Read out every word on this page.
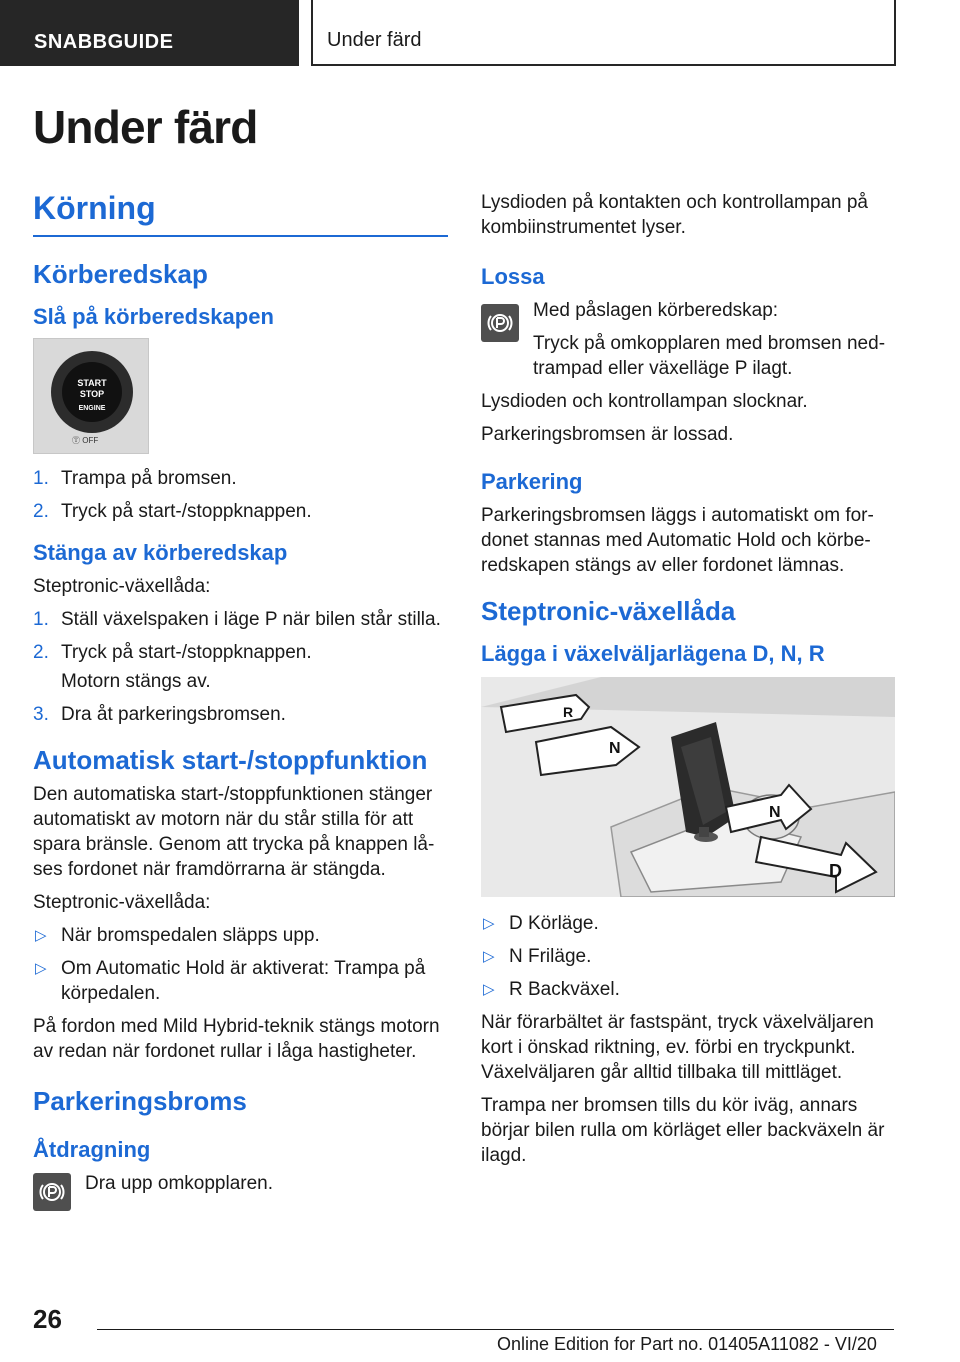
SNABBGUIDE	Under färd
Under färd
Körning
Körberedskap
Slå på körberedskapen
START
STOP
ENGINE
Ⓣ OFF
1. Trampa på bromsen.
2. Tryck på start-/stoppknappen.
Stänga av körberedskap

Steptronic-växellåda:

1. Ställ växelspaken i läge P när bilen står stilla.
2. Tryck på start-/stoppknappen.
Motorn stängs av.
3. Dra åt parkeringsbromsen.
Automatisk start-/stoppfunktion

Den automatiska start-/stoppfunktionen stänger automatiskt av motorn när du står stilla för att spara bränsle. Genom att trycka på knappen låses fordonet när framdörrarna är stängda.

Steptronic-växellåda:

▷ När bromspedalen släpps upp.
▷ Om Automatic Hold är aktiverat: Trampa på körpedalen.

På fordon med Mild Hybrid-teknik stängs motorn av redan när fordonet rullar i låga hastigheter.

Parkeringsbroms
Åtdragning

Dra upp omkopplaren.

Lysdioden på kontakten och kontrollampan på kombiinstrumentet lyser.

Lossa

Med påslagen körberedskap:

Tryck på omkopplaren med bromsen nedtrampad eller växelläge P ilagt.

Lysdioden och kontrollampan slocknar.

Parkeringsbromsen är lossad.

Parkering

Parkeringsbromsen läggs i automatiskt om fordonet stannas med Automatic Hold och körberedskapen stängs av eller fordonet lämnas.

Steptronic-växellåda
Lägga i växelväljarlägena D, N, R
R
N
N
D
▷ D Körläge.
▷ N Friläge.
▷ R Backväxel.

När förarbältet är fastspänt, tryck växelväljaren kort i önskad riktning, ev. förbi en tryckpunkt. Växelväljaren går alltid tillbaka till mittläget.

Trampa ner bromsen tills du kör iväg, annars börjar bilen rulla om körläget eller backväxeln är ilagd.

26
Online Edition for Part no. 01405A11082 - VI/20
